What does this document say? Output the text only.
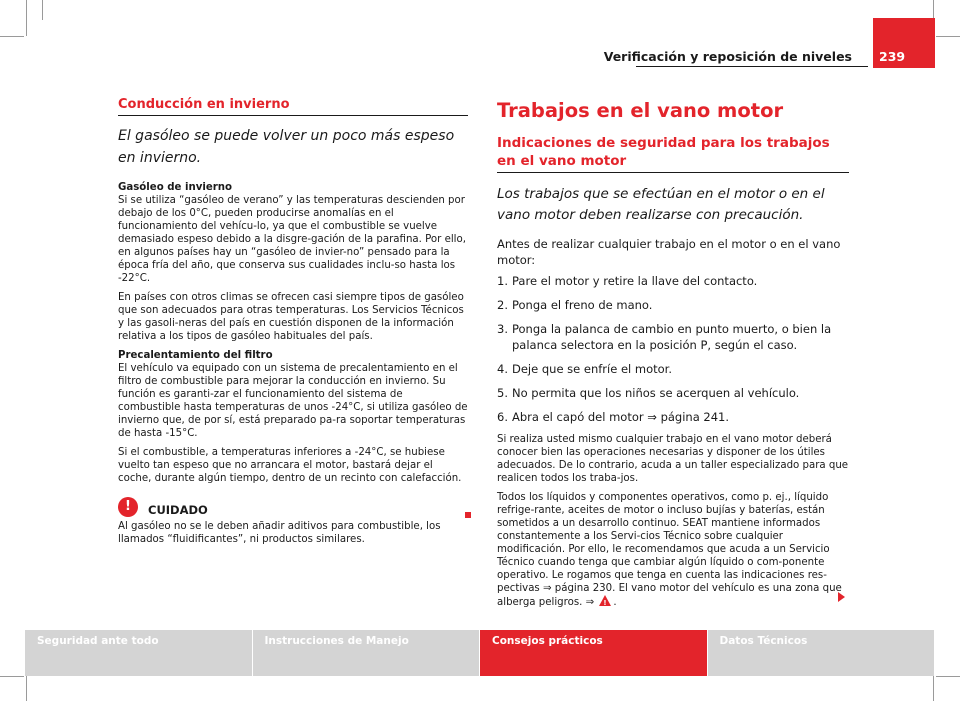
Verificación y reposición de niveles	239
Conducción en invierno
El gasóleo se puede volver un poco más espeso en invierno.
Gasóleo de invierno

Si se utiliza “gasóleo de verano” y las temperaturas descienden por debajo de los 0°C, pueden producirse anomalías en el funcionamiento del vehícu-lo, ya que el combustible se vuelve demasiado espeso debido a la disgre-gación de la parafina. Por ello, en algunos países hay un “gasóleo de invier-no” pensado para la época fría del año, que conserva sus cualidades inclu-so hasta los -22°C.

En países con otros climas se ofrecen casi siempre tipos de gasóleo que son adecuados para otras temperaturas. Los Servicios Técnicos y las gasoli-neras del país en cuestión disponen de la información relativa a los tipos de gasóleo habituales del país.

Precalentamiento del filtro

El vehículo va equipado con un sistema de precalentamiento en el filtro de combustible para mejorar la conducción en invierno. Su función es garanti-zar el funcionamiento del sistema de combustible hasta temperaturas de unos -24°C, si utiliza gasóleo de invierno que, de por sí, está preparado pa-ra soportar temperaturas de hasta -15°C.

Si el combustible, a temperaturas inferiores a -24°C, se hubiese vuelto tan espeso que no arrancara el motor, bastará dejar el coche, durante algún tiempo, dentro de un recinto con calefacción.

!	CUIDADO

Al gasóleo no se le deben añadir aditivos para combustible, los llamados “fluidificantes”, ni productos similares.

Trabajos en el vano motor
Indicaciones de seguridad para los trabajos en el vano motor
Los trabajos que se efectúan en el motor o en el vano motor deben realizarse con precaución.
Antes de realizar cualquier trabajo en el motor o en el vano motor:
1. Pare el motor y retire la llave del contacto.
2. Ponga el freno de mano.
3. Ponga la palanca de cambio en punto muerto, o bien la palanca selectora en la posición P, según el caso.
4. Deje que se enfríe el motor.
5. No permita que los niños se acerquen al vehículo.
6. Abra el capó del motor ⇒ página 241.

Si realiza usted mismo cualquier trabajo en el vano motor deberá conocer bien las operaciones necesarias y disponer de los útiles adecuados. De lo contrario, acuda a un taller especializado para que realicen todos los traba-jos.

Todos los líquidos y componentes operativos, como p. ej., líquido refrige-rante, aceites de motor o incluso bujías y baterías, están sometidos a un desarrollo continuo. SEAT mantiene informados constantemente a los Servi-cios Técnico sobre cualquier modificación. Por ello, le recomendamos que acuda a un Servicio Técnico cuando tenga que cambiar algún líquido o com-ponente operativo. Le rogamos que tenga en cuenta las indicaciones res-pectivas ⇒ página 230. El vano motor del vehículo es una zona que alberga peligros. ⇒ ! .

Seguridad ante todo	Instrucciones de Manejo	Consejos prácticos	Datos Técnicos
